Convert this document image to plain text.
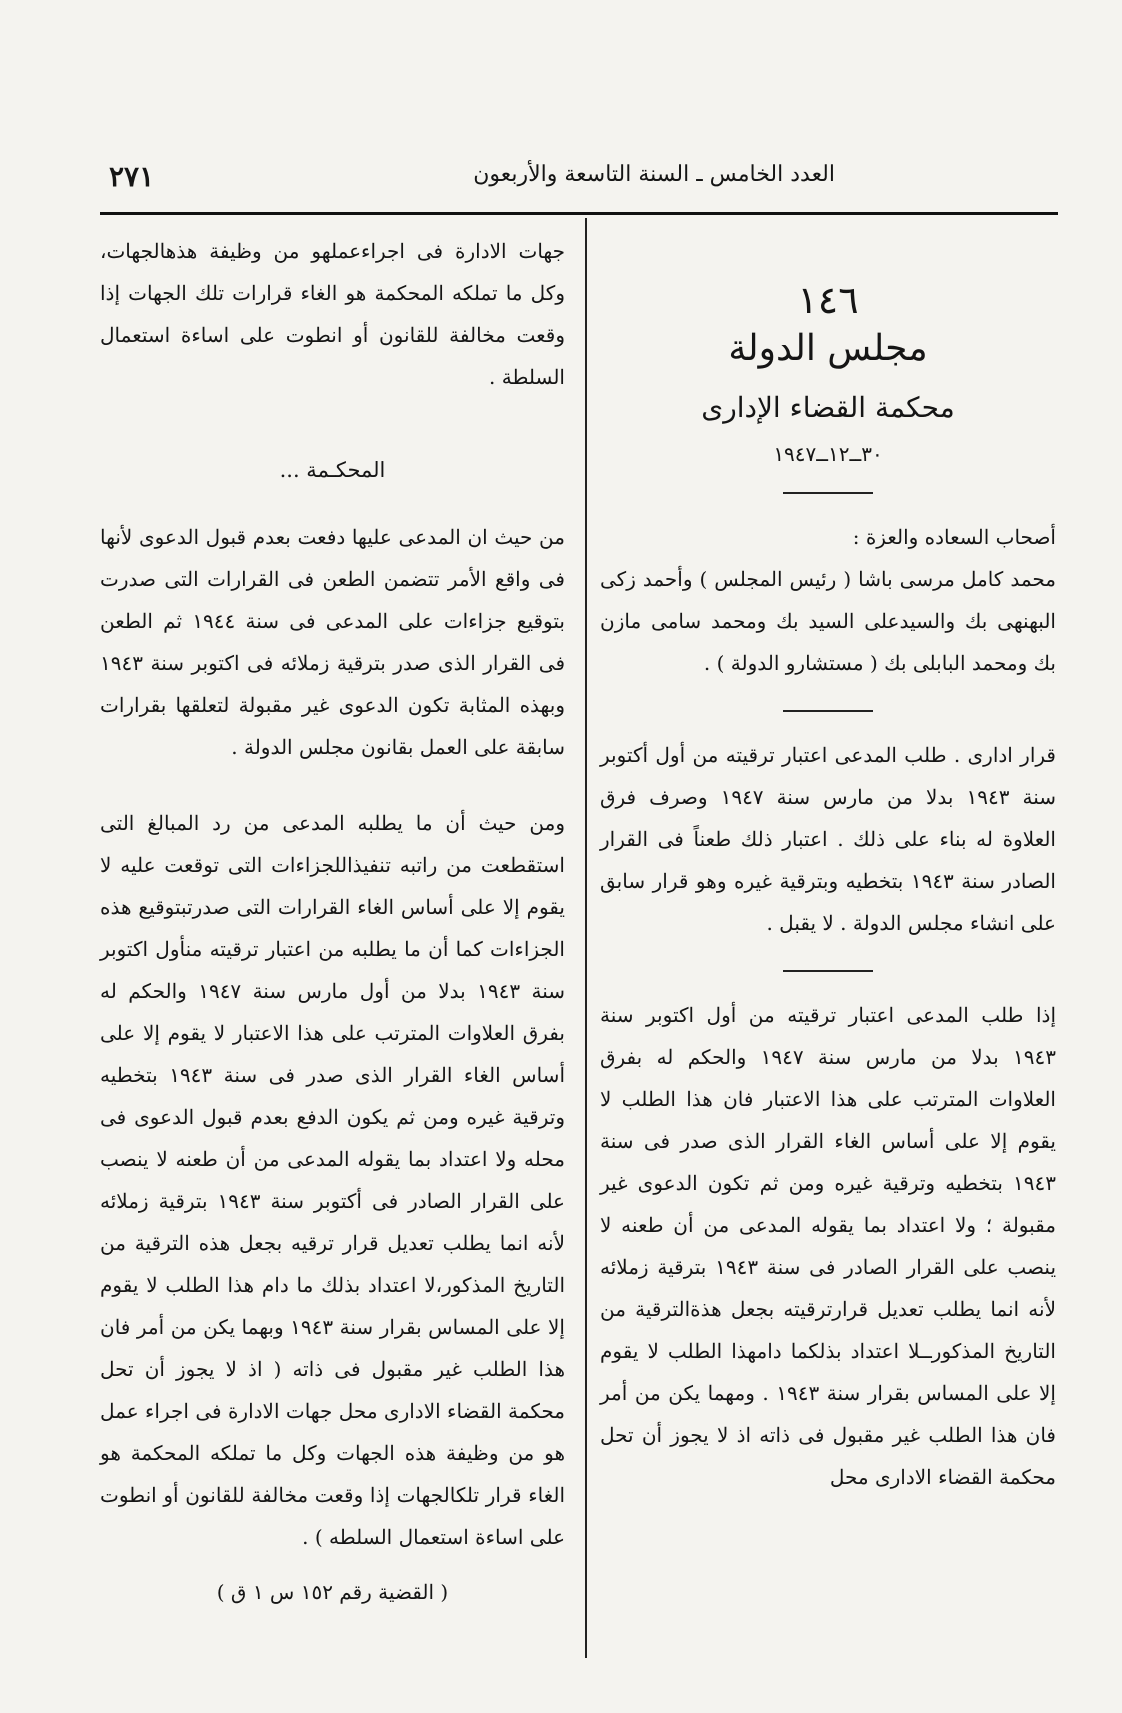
العدد الخامس ـ السنة التاسعة والأربعون
٢٧١
١٤٦
مجلس الدولة
محكمة القضاء الإدارى
٣٠ــ١٢ــ١٩٤٧

أصحاب السعاده والعزة :

محمد كامل مرسى باشا ( رئيس المجلس ) وأحمد زكى البهنهى بك والسيدعلى السيد بك ومحمد سامى مازن بك ومحمد البابلى بك ( مستشارو الدولة ) .

قرار ادارى . طلب المدعى اعتبار ترقيته من أول أكتوبر سنة ١٩٤٣ بدلا من مارس سنة ١٩٤٧ وصرف فرق العلاوة له بناء على ذلك . اعتبار ذلك طعناً فى القرار الصادر سنة ١٩٤٣ بتخطيه وبترقية غيره وهو قرار سابق على انشاء مجلس الدولة . لا يقبل .

إذا طلب المدعى اعتبار ترقيته من أول اكتوبر سنة ١٩٤٣ بدلا من مارس سنة ١٩٤٧ والحكم له بفرق العلاوات المترتب على هذا الاعتبار فان هذا الطلب لا يقوم إلا على أساس الغاء القرار الذى صدر فى سنة ١٩٤٣ بتخطيه وترقية غيره ومن ثم تكون الدعوى غير مقبولة ؛ ولا اعتداد بما يقوله المدعى من أن طعنه لا ينصب على القرار الصادر فى سنة ١٩٤٣ بترقية زملائه لأنه انما يطلب تعديل قرارترقيته بجعل هذةالترقية من التاريخ المذكورــلا اعتداد بذلكما دامهذا الطلب لا يقوم إلا على المساس بقرار سنة ١٩٤٣ . ومهما يكن من أمر فان هذا الطلب غير مقبول فى ذاته اذ لا يجوز أن تحل محكمة القضاء الادارى محل

جهات الادارة فى اجراءعملهو من وظيفة هذهالجهات، وكل ما تملكه المحكمة هو الغاء قرارات تلك الجهات إذا وقعت مخالفة للقانون أو انطوت على اساءة استعمال السلطة .

المحكـمة ...

من حيث ان المدعى عليها دفعت بعدم قبول الدعوى لأنها فى واقع الأمر تتضمن الطعن فى القرارات التى صدرت بتوقيع جزاءات على المدعى فى سنة ١٩٤٤ ثم الطعن فى القرار الذى صدر بترقية زملائه فى اكتوبر سنة ١٩٤٣ وبهذه المثابة تكون الدعوى غير مقبولة لتعلقها بقرارات سابقة على العمل بقانون مجلس الدولة .

ومن حيث أن ما يطلبه المدعى من رد المبالغ التى استقطعت من راتبه تنفيذاللجزاءات التى توقعت عليه لا يقوم إلا على أساس الغاء القرارات التى صدرتبتوقيع هذه الجزاءات كما أن ما يطلبه من اعتبار ترقيته منأول اكتوبر سنة ١٩٤٣ بدلا من أول مارس سنة ١٩٤٧ والحكم له بفرق العلاوات المترتب على هذا الاعتبار لا يقوم إلا على أساس الغاء القرار الذى صدر فى سنة ١٩٤٣ بتخطيه وترقية غيره ومن ثم يكون الدفع بعدم قبول الدعوى فى محله ولا اعتداد بما يقوله المدعى من أن طعنه لا ينصب على القرار الصادر فى أكتوبر سنة ١٩٤٣ بترقية زملائه لأنه انما يطلب تعديل قرار ترقيه بجعل هذه الترقية من التاريخ المذكور،لا اعتداد بذلك ما دام هذا الطلب لا يقوم إلا على المساس بقرار سنة ١٩٤٣ وبهما يكن من أمر فان هذا الطلب غير مقبول فى ذاته ( اذ لا يجوز أن تحل محكمة القضاء الادارى محل جهات الادارة فى اجراء عمل هو من وظيفة هذه الجهات وكل ما تملكه المحكمة هو الغاء قرار تلكالجهات إذا وقعت مخالفة للقانون أو انطوت على اساءة استعمال السلطه ) .

( القضية رقم ١٥٢ س ١ ق )
